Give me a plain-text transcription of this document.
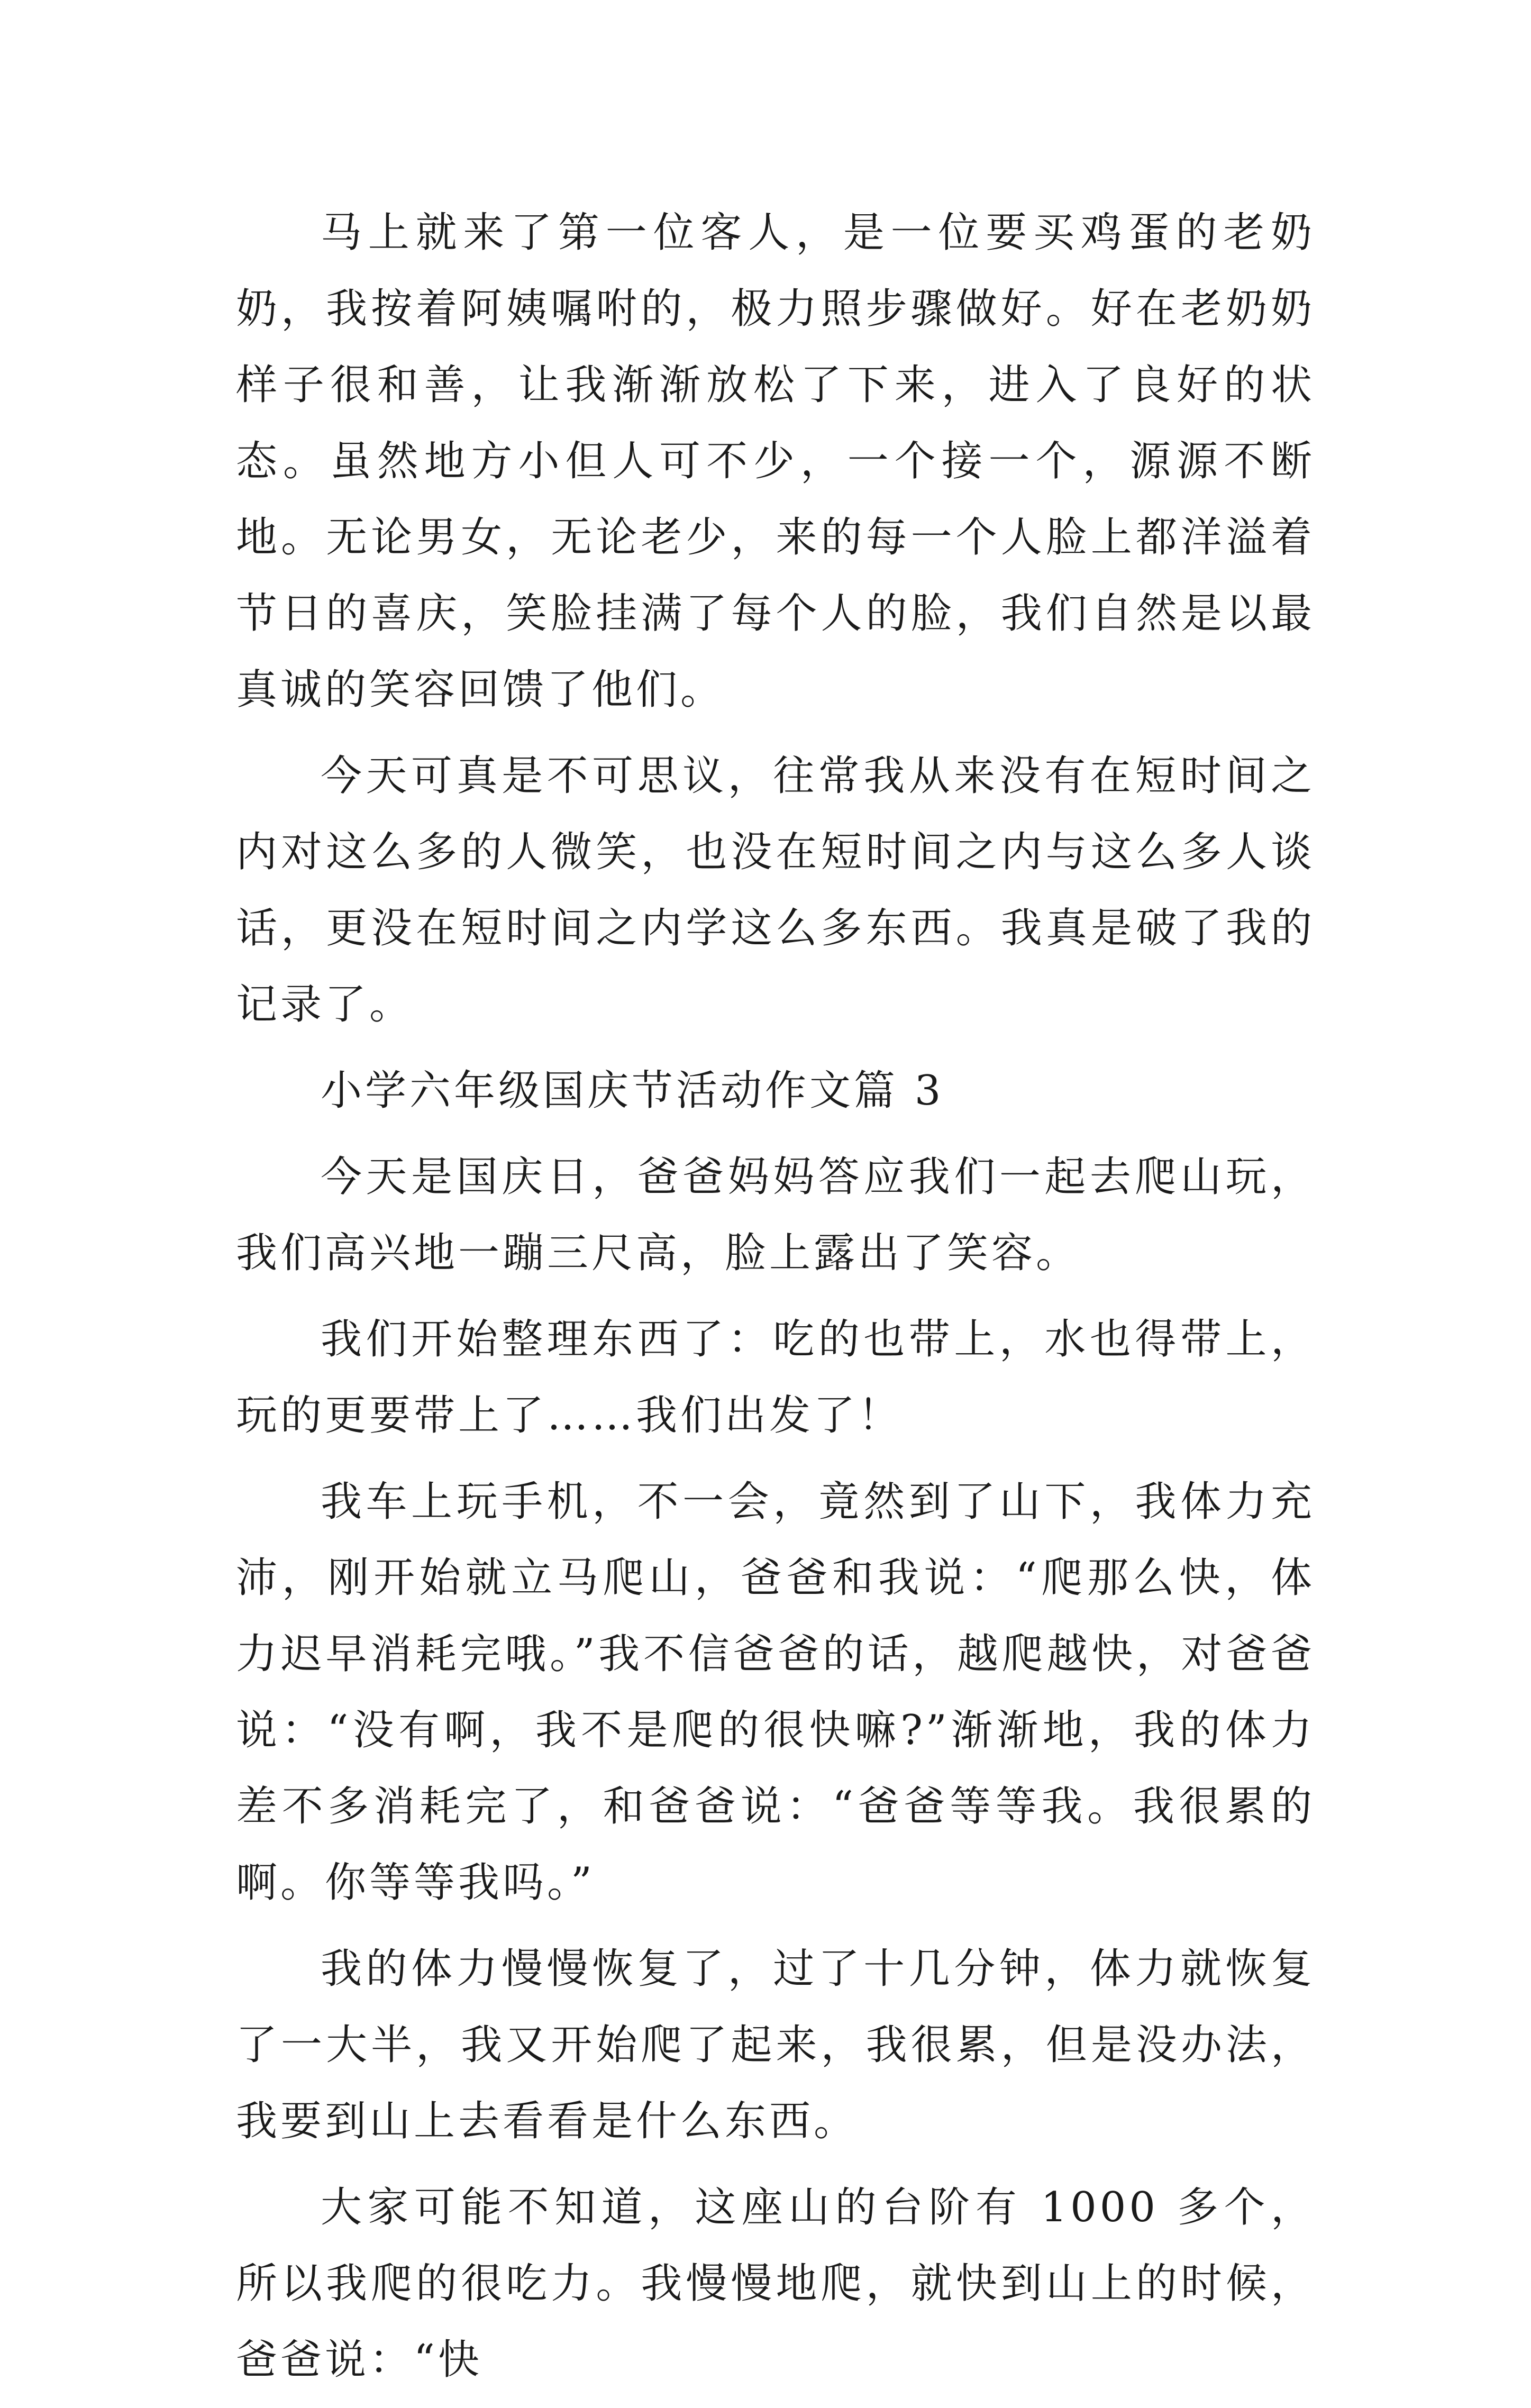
马上就来了第一位客人，是一位要买鸡蛋的老奶奶，我按着阿姨嘱咐的，极力照步骤做好。好在老奶奶样子很和善，让我渐渐放松了下来，进入了良好的状态。虽然地方小但人可不少，一个接一个，源源不断地。无论男女，无论老少，来的每一个人脸上都洋溢着节日的喜庆，笑脸挂满了每个人的脸，我们自然是以最真诚的笑容回馈了他们。

今天可真是不可思议，往常我从来没有在短时间之内对这么多的人微笑，也没在短时间之内与这么多人谈话，更没在短时间之内学这么多东西。我真是破了我的记录了。

小学六年级国庆节活动作文篇 3

今天是国庆日，爸爸妈妈答应我们一起去爬山玩，我们高兴地一蹦三尺高，脸上露出了笑容。

我们开始整理东西了：吃的也带上，水也得带上，玩的更要带上了……我们出发了！

我车上玩手机，不一会，竟然到了山下，我体力充沛，刚开始就立马爬山，爸爸和我说：“爬那么快，体力迟早消耗完哦。”我不信爸爸的话，越爬越快，对爸爸说：“没有啊，我不是爬的很快嘛?”渐渐地，我的体力差不多消耗完了，和爸爸说：“爸爸等等我。我很累的啊。你等等我吗。”

我的体力慢慢恢复了，过了十几分钟，体力就恢复了一大半，我又开始爬了起来，我很累，但是没办法，我要到山上去看看是什么东西。

大家可能不知道，这座山的台阶有 1000 多个，所以我爬的很吃力。我慢慢地爬，就快到山上的时候，爸爸说：“快
